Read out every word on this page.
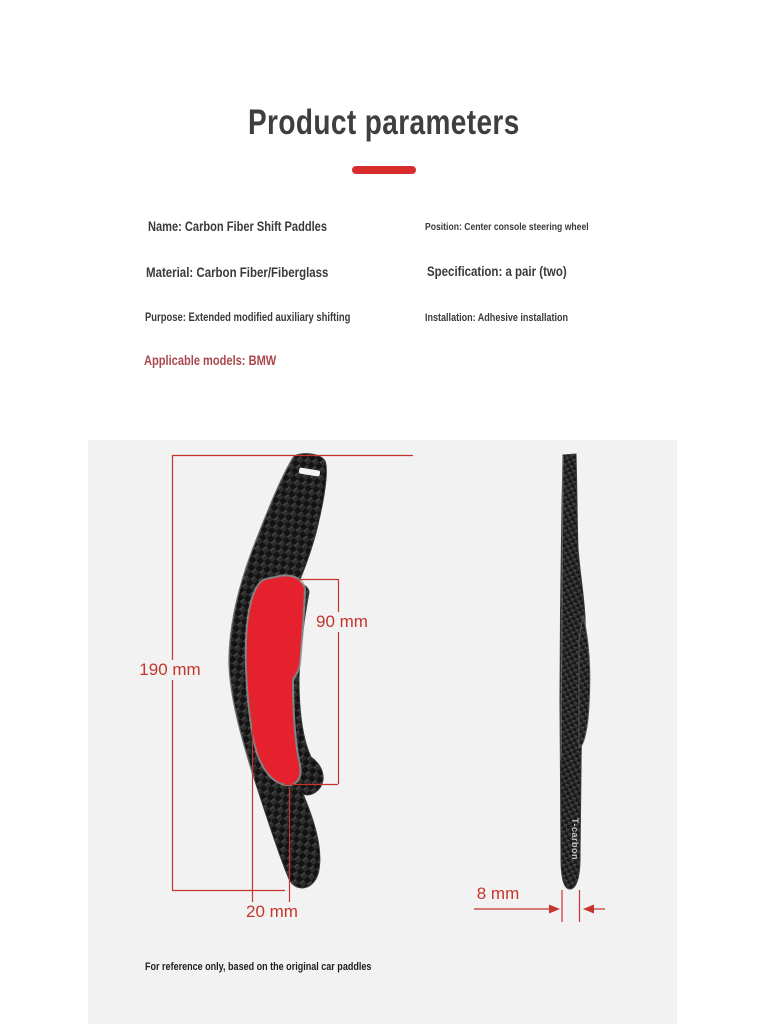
Product parameters
Name: Carbon Fiber Shift Paddles	Position: Center console steering wheel
Material: Carbon Fiber/Fiberglass	Specification: a pair (two)
Purpose: Extended modified auxiliary shifting	Installation: Adhesive installation
Applicable models: BMW
T-carbon
190 mm
90 mm
20 mm
8 mm
For reference only, based on the original car paddles
